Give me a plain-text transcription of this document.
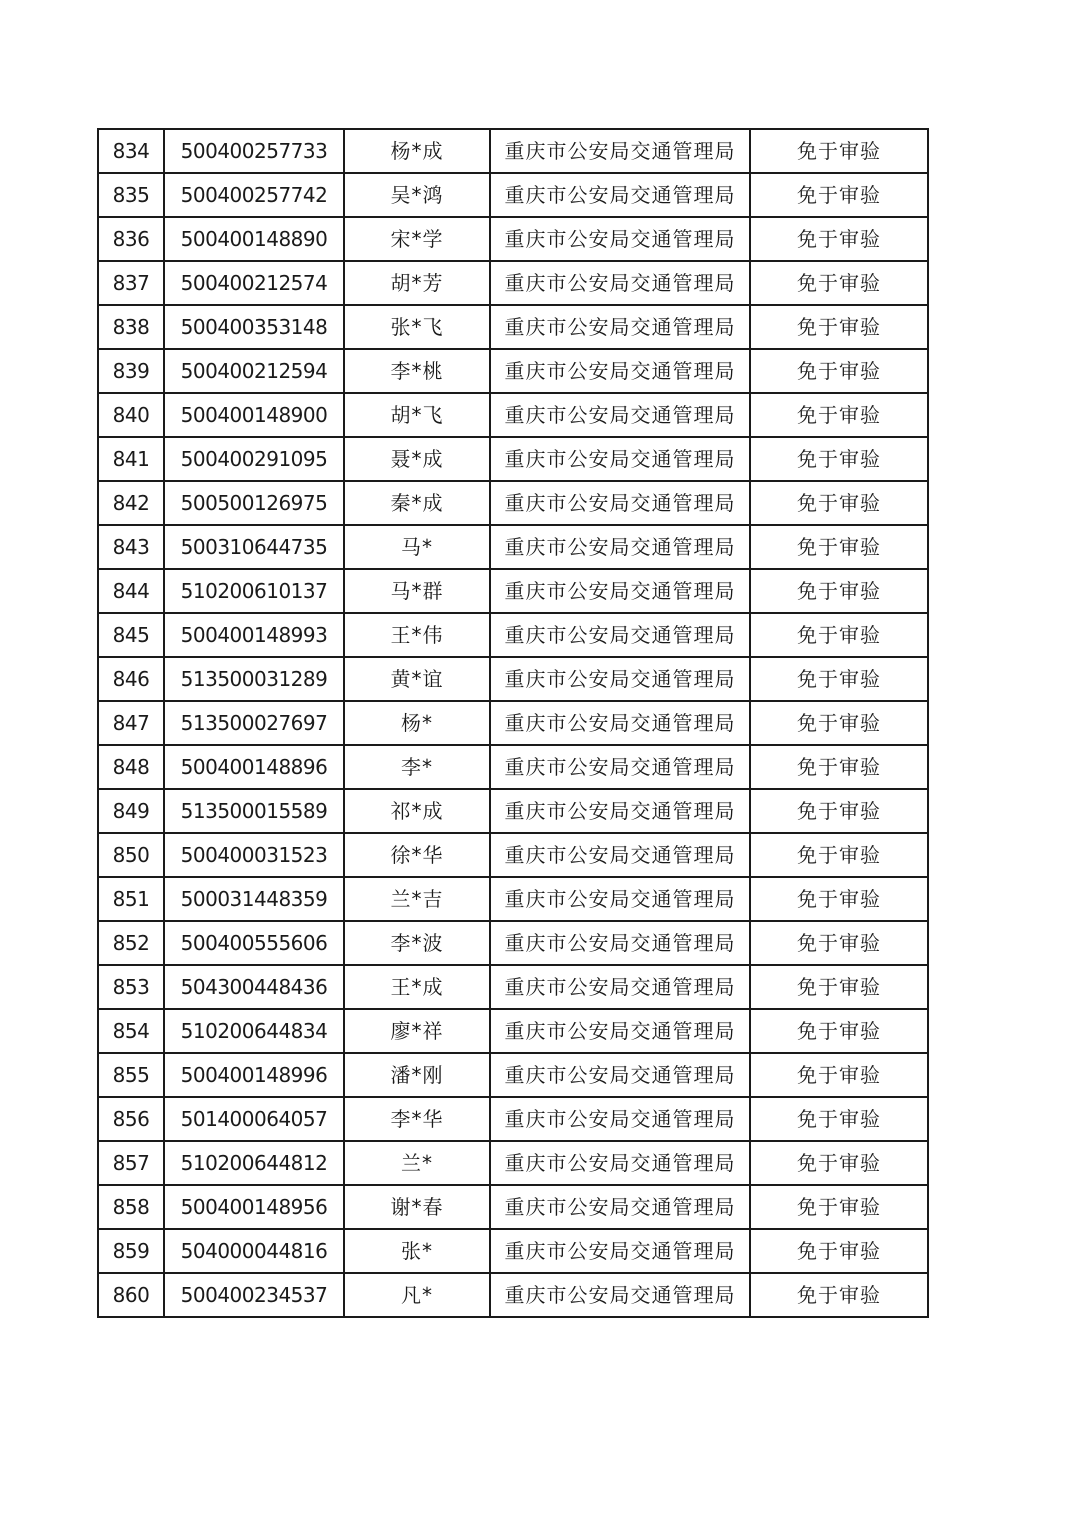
834	500400257733	杨*成	重庆市公安局交通管理局	免于审验
835	500400257742	吴*鸿	重庆市公安局交通管理局	免于审验
836	500400148890	宋*学	重庆市公安局交通管理局	免于审验
837	500400212574	胡*芳	重庆市公安局交通管理局	免于审验
838	500400353148	张*飞	重庆市公安局交通管理局	免于审验
839	500400212594	李*桃	重庆市公安局交通管理局	免于审验
840	500400148900	胡*飞	重庆市公安局交通管理局	免于审验
841	500400291095	聂*成	重庆市公安局交通管理局	免于审验
842	500500126975	秦*成	重庆市公安局交通管理局	免于审验
843	500310644735	马*	重庆市公安局交通管理局	免于审验
844	510200610137	马*群	重庆市公安局交通管理局	免于审验
845	500400148993	王*伟	重庆市公安局交通管理局	免于审验
846	513500031289	黄*谊	重庆市公安局交通管理局	免于审验
847	513500027697	杨*	重庆市公安局交通管理局	免于审验
848	500400148896	李*	重庆市公安局交通管理局	免于审验
849	513500015589	祁*成	重庆市公安局交通管理局	免于审验
850	500400031523	徐*华	重庆市公安局交通管理局	免于审验
851	500031448359	兰*吉	重庆市公安局交通管理局	免于审验
852	500400555606	李*波	重庆市公安局交通管理局	免于审验
853	504300448436	王*成	重庆市公安局交通管理局	免于审验
854	510200644834	廖*祥	重庆市公安局交通管理局	免于审验
855	500400148996	潘*刚	重庆市公安局交通管理局	免于审验
856	501400064057	李*华	重庆市公安局交通管理局	免于审验
857	510200644812	兰*	重庆市公安局交通管理局	免于审验
858	500400148956	谢*春	重庆市公安局交通管理局	免于审验
859	504000044816	张*	重庆市公安局交通管理局	免于审验
860	500400234537	凡*	重庆市公安局交通管理局	免于审验
